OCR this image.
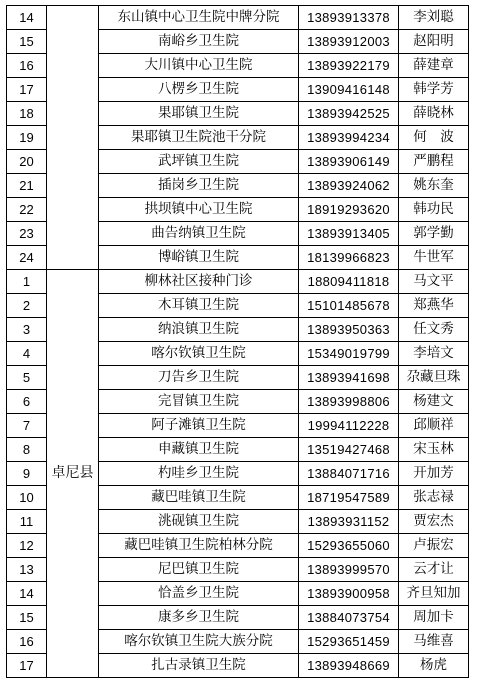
14		东山镇中心卫生院中牌分院	13893913378	李刘聪
15		南峪乡卫生院	13893912003	赵阳明
16		大川镇中心卫生院	13893922179	薛建章
17		八楞乡卫生院	13909416148	韩学芳
18		果耶镇卫生院	13893942525	薛晓林
19		果耶镇卫生院池干分院	13893994234	何　波
20		武坪镇卫生院	13893906149	严鹏程
21		插岗乡卫生院	13893924062	姚东奎
22		拱坝镇中心卫生院	18919293620	韩功民
23		曲告纳镇卫生院	13893913405	郭学勤
24		博峪镇卫生院	18139966823	牛世军
1	卓尼县	柳林社区接种门诊	18809411818	马文平
2		木耳镇卫生院	15101485678	郑燕华
3		纳浪镇卫生院	13893950363	任文秀
4		喀尔钦镇卫生院	15349019799	李培文
5		刀告乡卫生院	13893941698	尕藏旦珠
6		完冒镇卫生院	13893998806	杨建文
7		阿子滩镇卫生院	19994112228	邱顺祥
8		申藏镇卫生院	13519427468	宋玉林
9		杓哇乡卫生院	13884071716	开加芳
10		藏巴哇镇卫生院	18719547589	张志禄
11		洮砚镇卫生院	13893931152	贾宏杰
12		藏巴哇镇卫生院柏林分院	15293655060	卢振宏
13		尼巴镇卫生院	13893999570	云才让
14		恰盖乡卫生院	13893900958	齐旦知加
15		康多乡卫生院	13884073754	周加卡
16		喀尔钦镇卫生院大族分院	15293651459	马维喜
17		扎古录镇卫生院	13893948669	杨虎
